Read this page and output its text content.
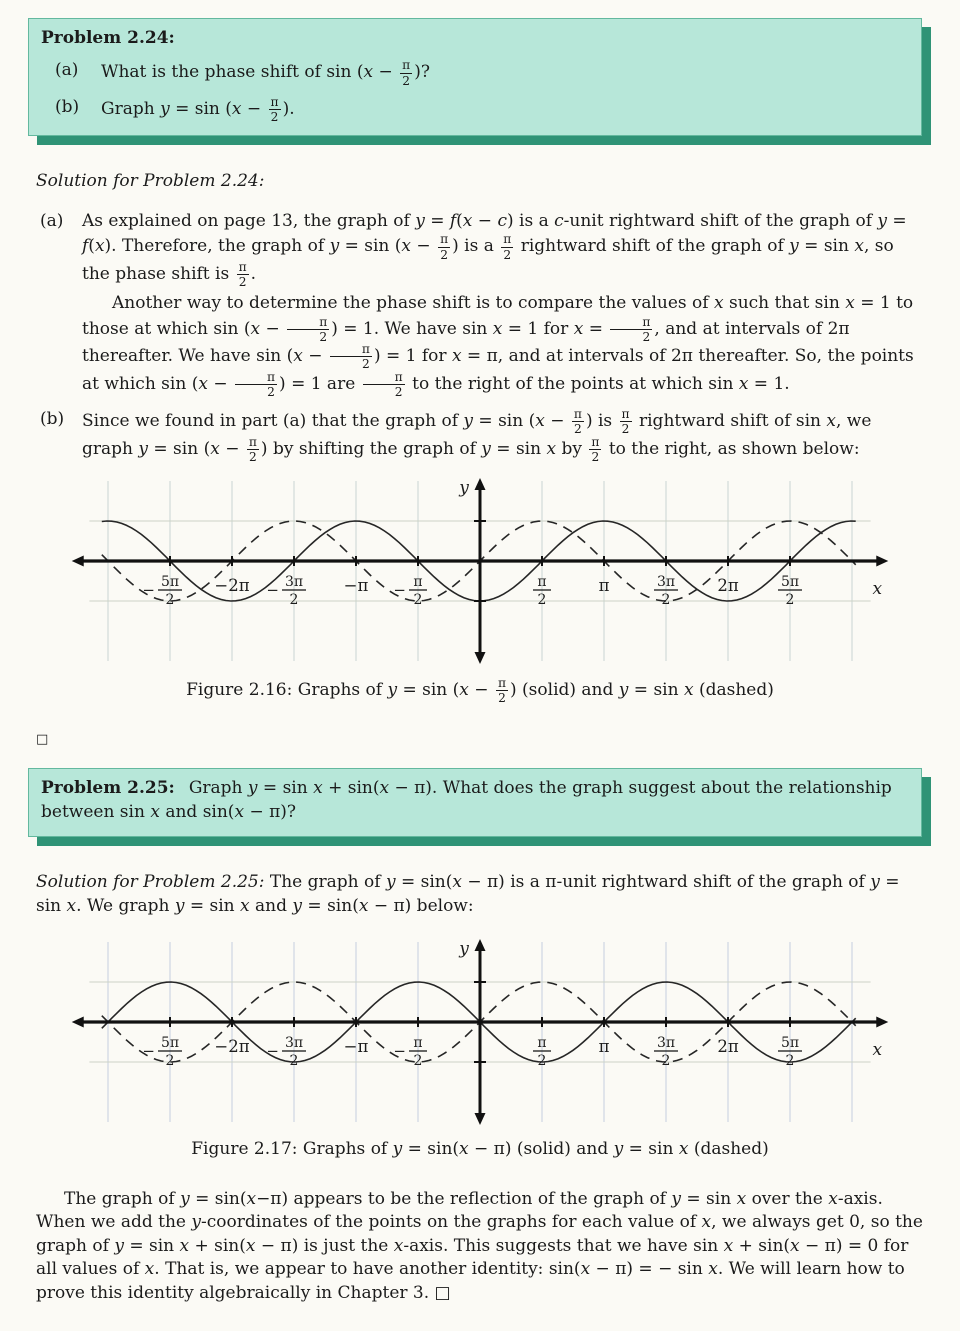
Problem 2.24:
(a)	What is the phase shift of $\sin (x - \frac{\pi}{2}$ )?

(b)	Graph $y = \sin (x - \frac{\pi}{2}$ ).

Solution for Problem 2.24:

(a)	As explained on page 13, the graph of y = f(x − c) is a c-unit rightward shift of the graph of y = f(x). Therefore, the graph of $y = \sin (x - \frac{\pi}{2}$ ) is a $\frac{\pi}{2}$ rightward shift of the graph of y = sin x, so the phase shift is $\frac{\pi}{2}$ .

Another way to determine the phase shift is to compare the values of x such that sin x = 1 to those at which $\sin (x - \frac{\pi}{2}$ ) = 1. We have sin x = 1 for $x = \frac{\pi}{2}$ , and at intervals of 2π thereafter. We have $\sin (x - \frac{\pi}{2}$ ) = 1 for x = π, and at intervals of 2π thereafter. So, the points at which $\sin (x - \frac{\pi}{2}$ ) = 1 are $\frac{\pi}{2}$ to the right of the points at which sin x = 1.

(b)	Since we found in part (a) that the graph of $y = \sin (x - \frac{\pi}{2}$ ) is $\frac{\pi}{2}$ rightward shift of sin x, we graph $y = \sin (x - \frac{\pi}{2}$ ) by shifting the graph of y = sin x by $\frac{\pi}{2}$ to the right, as shown below:

5π
2
−	−2π	3π
2
−	−π	π
2
−	π
2
π	3π
2
2π	5π
2
x
y
Figure 2.16: Graphs of $y = \sin (x - \frac{\pi}{2}$ ) (solid) and y = sin x (dashed)
□

Problem 2.25: Graph y = sin x + sin(x − π). What does the graph suggest about the relationship between sin x and sin(x − π)?

Solution for Problem 2.25: The graph of y = sin(x − π) is a π-unit rightward shift of the graph of y = sin x. We graph y = sin x and y = sin(x − π) below:

5π
2
−	−2π	3π
2
−	−π	π
2
−	π
2
π	3π
2
2π	5π
2
x
y
Figure 2.17: Graphs of y = sin(x − π) (solid) and y = sin x (dashed)

The graph of y = sin(x−π) appears to be the reflection of the graph of y = sin x over the x-axis. When we add the y-coordinates of the points on the graphs for each value of x, we always get 0, so the graph of y = sin x + sin(x − π) is just the x-axis. This suggests that we have sin x + sin(x − π) = 0 for all values of x. That is, we appear to have another identity: sin(x − π) = − sin x. We will learn how to prove this identity algebraically in Chapter 3. □
